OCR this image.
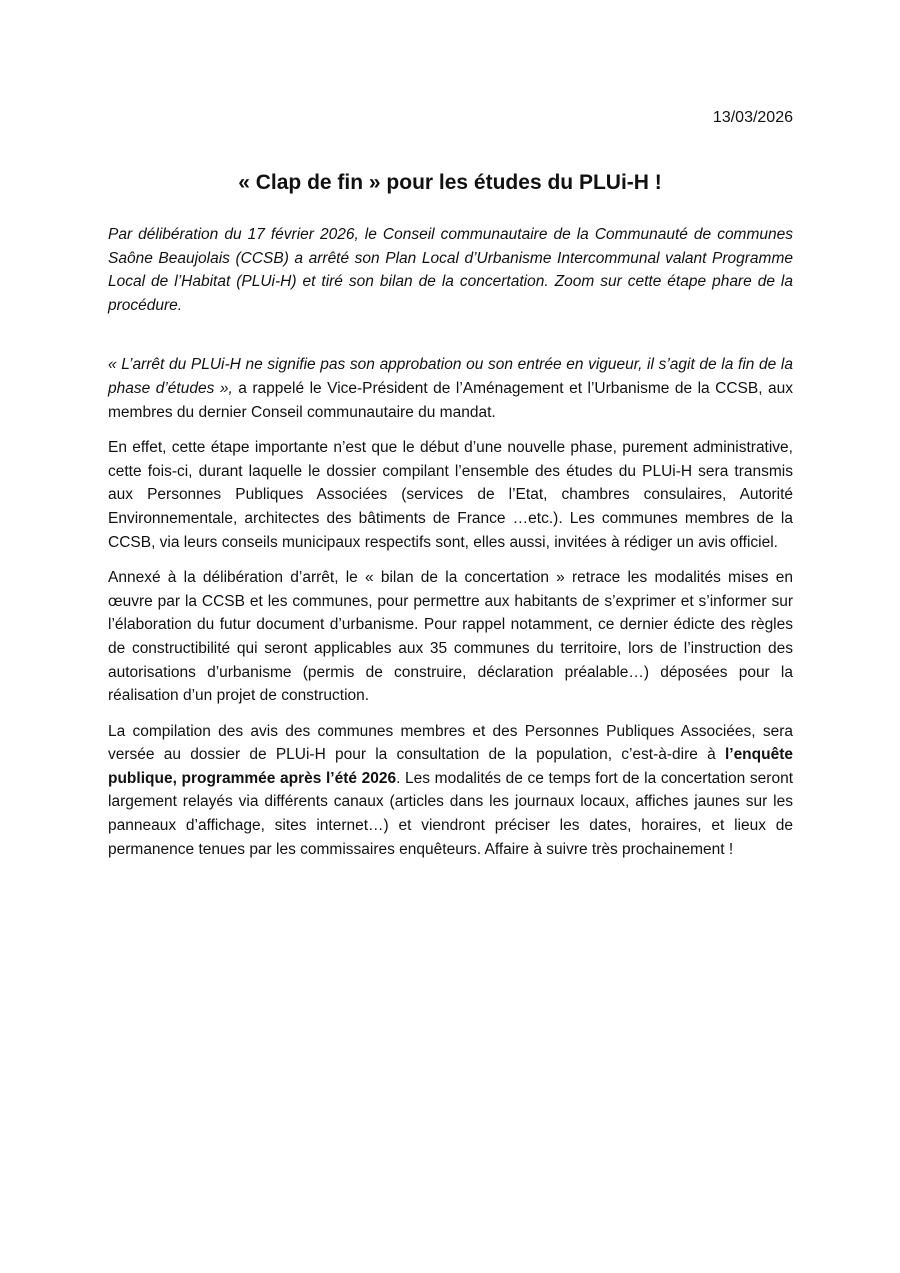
13/03/2026
« Clap de fin » pour les études du PLUi-H !

Par délibération du 17 février 2026, le Conseil communautaire de la Communauté de communes Saône Beaujolais (CCSB) a arrêté son Plan Local d’Urbanisme Intercommunal valant Programme Local de l’Habitat (PLUi-H) et tiré son bilan de la concertation. Zoom sur cette étape phare de la procédure.

« L’arrêt du PLUi-H ne signifie pas son approbation ou son entrée en vigueur, il s’agit de la fin de la phase d’études », a rappelé le Vice-Président de l’Aménagement et l’Urbanisme de la CCSB, aux membres du dernier Conseil communautaire du mandat.

En effet, cette étape importante n’est que le début d’une nouvelle phase, purement administrative, cette fois-ci, durant laquelle le dossier compilant l’ensemble des études du PLUi-H sera transmis aux Personnes Publiques Associées (services de l’Etat, chambres consulaires, Autorité Environnementale, architectes des bâtiments de France …etc.). Les communes membres de la CCSB, via leurs conseils municipaux respectifs sont, elles aussi, invitées à rédiger un avis officiel.

Annexé à la délibération d’arrêt, le « bilan de la concertation » retrace les modalités mises en œuvre par la CCSB et les communes, pour permettre aux habitants de s’exprimer et s’informer sur l’élaboration du futur document d’urbanisme. Pour rappel notamment, ce dernier édicte des règles de constructibilité qui seront applicables aux 35 communes du territoire, lors de l’instruction des autorisations d’urbanisme (permis de construire, déclaration préalable…) déposées pour la réalisation d’un projet de construction.

La compilation des avis des communes membres et des Personnes Publiques Associées, sera versée au dossier de PLUi-H pour la consultation de la population, c’est-à-dire à l’enquête publique, programmée après l’été 2026. Les modalités de ce temps fort de la concertation seront largement relayés via différents canaux (articles dans les journaux locaux, affiches jaunes sur les panneaux d’affichage, sites internet…) et viendront préciser les dates, horaires, et lieux de permanence tenues par les commissaires enquêteurs. Affaire à suivre très prochainement !
